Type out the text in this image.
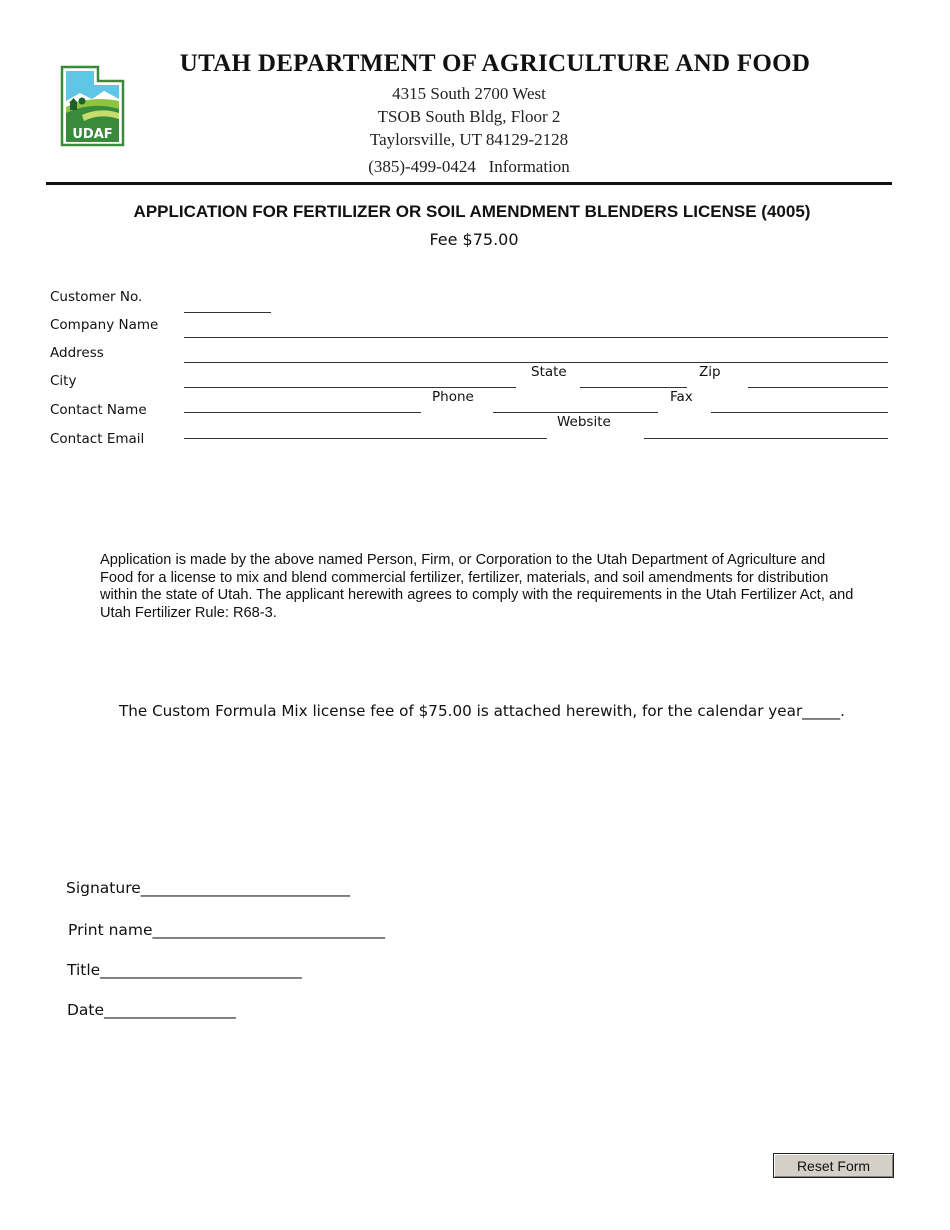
UDAF
UTAH DEPARTMENT OF AGRICULTURE AND FOOD
4315 South 2700 West
TSOB South Bldg, Floor 2
Taylorsville, UT 84129-2128
(385)-499-0424   Information
APPLICATION FOR FERTILIZER OR SOIL AMENDMENT BLENDERS LICENSE (4005)
Fee $75.00
Customer No.
Company Name
Address
City
Contact Name
Contact Email
State	Zip
Phone	Fax
Website
Application is made by the above named Person, Firm, or Corporation to the Utah Department of Agriculture and Food for a license to mix and blend commercial fertilizer, fertilizer, materials, and soil amendments for distribution within the state of Utah. The applicant herewith agrees to comply with the requirements in the Utah Fertilizer Act, and Utah Fertilizer Rule: R68-3.
The Custom Formula Mix license fee of $75.00 is attached herewith, for the calendar year_____.
Signature___________________________
Print name______________________________
Title__________________________
Date_________________
Reset Form
